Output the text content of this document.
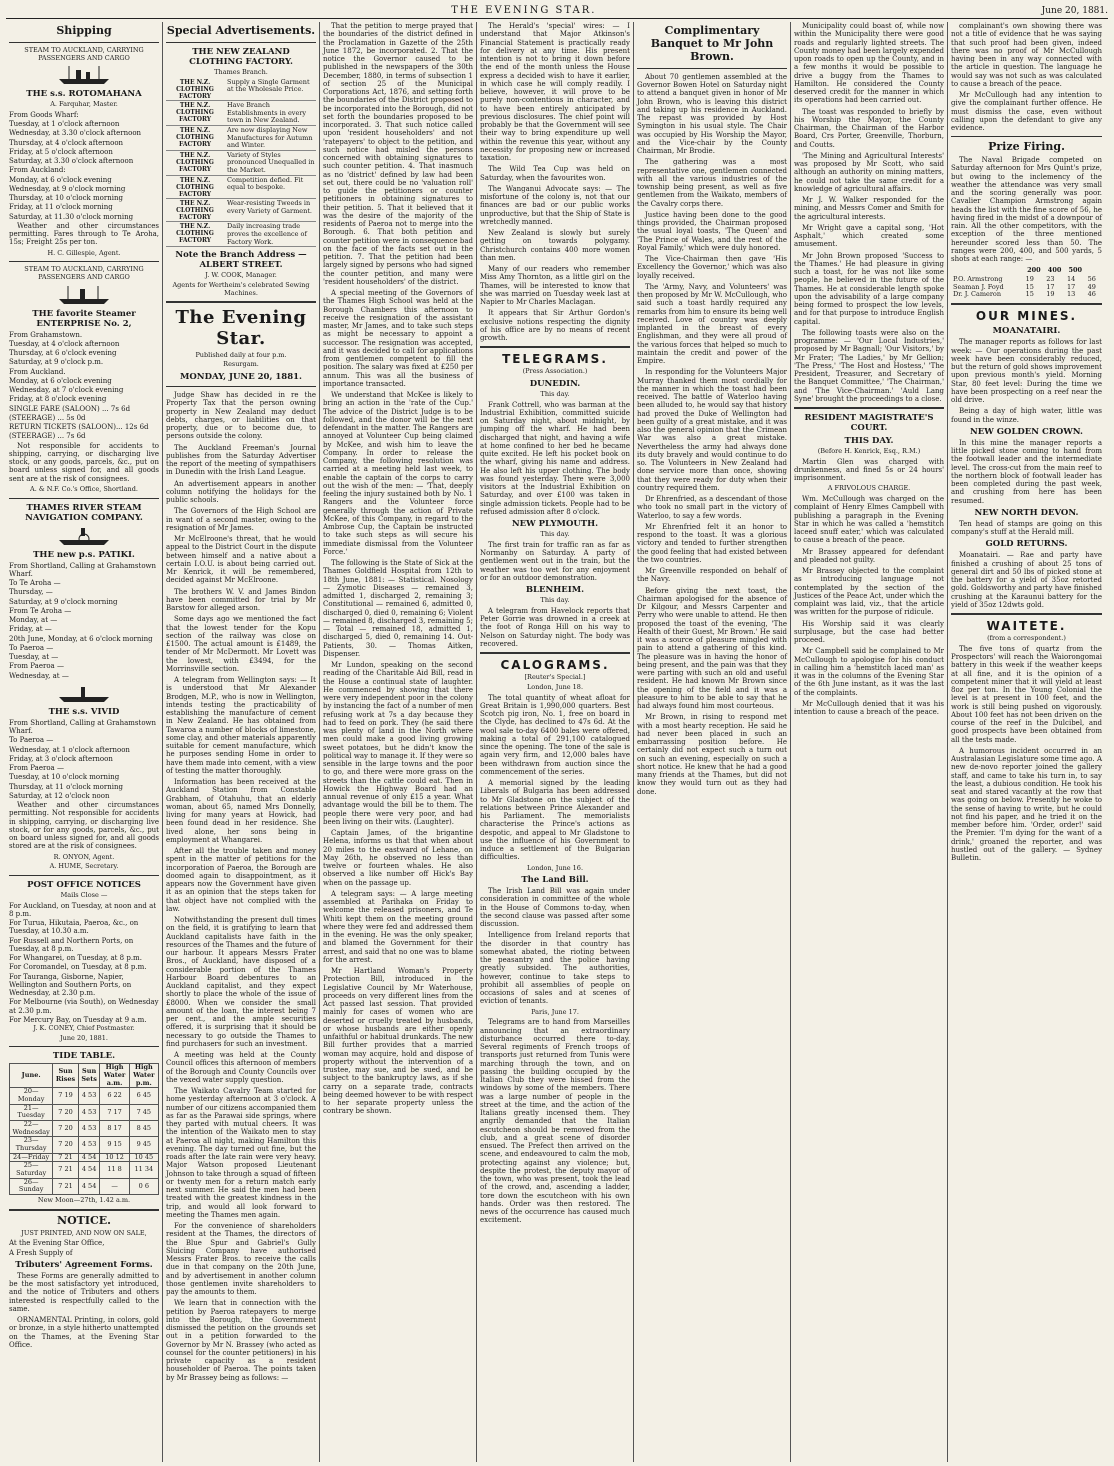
THE EVENING STAR.	June 20, 1881.
Shipping
STEAM TO AUCKLAND, CARRYING PASSENGERS AND CARGO
THE s.s. ROTOMAHANA
A. Farquhar, Master.
From Goods Wharf:
Tuesday, at 1 o'clock afternoon
Wednesday, at 3.30 o'clock afternoon
Thursday, at 4 o'clock afternoon
Friday, at 5 o'clock afternoon
Saturday, at 3.30 o'clock afternoon
From Auckland:
Monday, at 6 o'clock evening
Wednesday, at 9 o'clock morning
Thursday, at 10 o'clock morning
Friday, at 11 o'clock morning
Saturday, at 11.30 o'clock morning

Weather and other circumstances permitting. Fares through to Te Aroha, 15s; Freight 25s per ton.

H. C. Gillespie, Agent.
STEAM TO AUCKLAND, CARRYING PASSENGERS AND CARGO
THE favorite Steamer ENTERPRISE No. 2,
From Grahamstown.
Tuesday, at 4 o'clock afternoon
Thursday, at 6 o'clock evening
Saturday, at 9 o'clock p.m.
From Auckland.
Monday, at 6 o'clock evening
Wednesday, at 7 o'clock evening
Friday, at 8 o'clock evening
SINGLE FARE (SALOON) ... 7s 6d
(STEERAGE) ... 5s 0d
RETURN TICKETS (SALOON)... 12s 6d
(STEERAGE) ... 7s 6d

Not responsible for accidents to shipping, carrying, or discharging live stock, or any goods, parcels, &c., put on board unless signed for, and all goods sent are at the risk of consignees.

A. & N.F. Co.'s Office, Shortland.
THAMES RIVER STEAM NAVIGATION COMPANY.
THE new p.s. PATIKI.
From Shortland, Calling at Grahamstown Wharf.
To Te Aroha —
Thursday, —
Saturday, at 9 o'clock morning
From Te Aroha —
Monday, at —
Friday, at —
20th June, Monday, at 6 o'clock morning
To Paeroa —
Tuesday, at —
From Paeroa —
Wednesday, at —
THE s.s. VIVID
From Shortland, Calling at Grahamstown Wharf.
To Paeroa —
Wednesday, at 1 o'clock afternoon
Friday, at 3 o'clock afternoon
From Paeroa —
Tuesday, at 10 o'clock morning
Thursday, at 11 o'clock morning
Saturday, at 12 o'clock noon

Weather and other circumstances permitting. Not responsible for accidents in shipping, carrying, or discharging live stock, or for any goods, parcels, &c., put on board unless signed for, and all goods stored are at the risk of consignees.

R. ONYON, Agent.
A. HUME, Secretary.
POST OFFICE NOTICES
Mails Close —
For Auckland, on Tuesday, at noon and at 8 p.m.
For Turua, Hikutaia, Paeroa, &c., on Tuesday, at 10.30 a.m.
For Russell and Northern Ports, on Tuesday, at 8 p.m.
For Whangarei, on Tuesday, at 8 p.m.
For Coromandel, on Tuesday, at 8 p.m.
For Tauranga, Gisborne, Napier, Wellington and Southern Ports, on Wednesday, at 2.30 p.m.
For Melbourne (via South), on Wednesday at 2.30 p.m.
For Mercury Bay, on Tuesday at 9 a.m.
J. K. CONEY, Chief Postmaster.
June 20, 1881.
TIDE TABLE.
June.	Sun Rises	Sun Sets	High Water a.m.	High Water p.m.
20—Monday	7 19	4 53	6 22	6 45
21—Tuesday	7 20	4 53	7 17	7 45
22—Wednesday	7 20	4 53	8 17	8 45
23—Thursday	7 20	4 53	9 15	9 45
24—Friday	7 21	4 54	10 12	10 45
25—Saturday	7 21	4 54	11 8	11 34
26—Sunday	7 21	4 54	—	0 6
New Moon—27th, 1.42 a.m.
NOTICE.
JUST PRINTED, AND NOW ON SALE,
At the Evening Star Office,
A Fresh Supply of
Tributers' Agreement Forms.

These Forms are generally admitted to be the most satisfactory yet introduced, and the notice of Tributers and others interested is respectfully called to the same.

ORNAMENTAL Printing, in colors, gold or bronze, in a style hitherto unattempted on the Thames, at the Evening Star Office.

Special Advertisements.
THE NEW ZEALAND CLOTHING FACTORY.
Thames Branch.
THE N.Z. CLOTHING FACTORY
Supply a Single Garment at the Wholesale Price.
THE N.Z. CLOTHING FACTORY
Have Branch Establishments in every town in New Zealand.
THE N.Z. CLOTHING FACTORY
Are now displaying New Manufactures for Autumn and Winter.
THE N.Z. CLOTHING FACTORY
Variety of Styles pronounced Unequalled in the Market.
THE N.Z. CLOTHING FACTORY
Competition defied. Fit equal to bespoke.
THE N.Z. CLOTHING FACTORY
Wear-resisting Tweeds in every Variety of Garment.
THE N.Z. CLOTHING FACTORY
Daily increasing trade proves the excellence of Factory Work.
Note the Branch Address — ALBERT STREET.
J. W. COOK, Manager.
Agents for Wertheim's celebrated Sewing Machines.
The Evening Star.
Published daily at four p.m.
Resurgam.
MONDAY, JUNE 20, 1881.

Judge Shaw has decided in re the Property Tax that the person owning property in New Zealand may deduct debts, charges, or liabilities on that property, due or to become due, to persons outside the colony.

The Auckland Freeman's Journal publishes from the Saturday Advertiser the report of the meeting of sympathisers in Dunedin with the Irish Land League.

An advertisement appears in another column notifying the holidays for the public schools.

The Governors of the High School are in want of a second master, owing to the resignation of Mr James.

Mr McElroone's threat, that he would appeal to the District Court in the dispute between himself and a native about a certain I.O.U. is about being carried out. Mr Kenrick, it will be remembered, decided against Mr McElroone.

The brothers W. V. and James Bindon have been committed for trial by Mr Barstow for alleged arson.

Some days ago we mentioned the fact that the lowest tender for the Kopu section of the railway was close on £1500. The actual amount is £1489, the tender of Mr McDermott. Mr Lovett was the lowest, with £3494, for the Morrinsville section.

A telegram from Wellington says: — It is understood that Mr Alexander Brodgen, M.P., who is now in Wellington, intends testing the practicability of establishing the manufacture of cement in New Zealand. He has obtained from Tawaroa a number of blocks of limestone, some clay, and other materials apparently suitable for cement manufacture, which he purposes sending Home in order to have them made into cement, with a view of testing the matter thoroughly.

Information has been received at the Auckland Station from Constable Grabham, of Otahuhu, that an elderly woman, about 65, named Mrs Donnelly, living for many years at Howick, had been found dead in her residence. She lived alone, her sons being in employment at Whangarei.

After all the trouble taken and money spent in the matter of petitions for the incorporation of Paeroa, the Borough are doomed again to disappointment, as it appears now the Government have given it as an opinion that the steps taken for that object have not complied with the law.

Notwithstanding the present dull times on the field, it is gratifying to learn that Auckland capitalists have faith in the resources of the Thames and the future of our harbour. It appears Messrs Frater Bros., of Auckland, have disposed of a considerable portion of the Thames Harbour Board debentures to an Auckland capitalist, and they expect shortly to place the whole of the issue of £8000. When we consider the small amount of the loan, the interest being 7 per cent., and the ample securities offered, it is surprising that it should be necessary to go outside the Thames to find purchasers for such an investment.

A meeting was held at the County Council offices this afternoon of members of the Borough and County Councils over the vexed water supply question.

The Waikato Cavalry Team started for home yesterday afternoon at 3 o'clock. A number of our citizens accompanied them as far as the Parawai side springs, where they parted with mutual cheers. It was the intention of the Waikato men to stay at Paeroa all night, making Hamilton this evening. The day turned out fine, but the roads after the late rain were very heavy. Major Watson proposed Lieutenant Johnson to take through a squad of fifteen or twenty men for a return match early next summer. He said the men had been treated with the greatest kindness in the trip, and would all look forward to meeting the Thames men again.

For the convenience of shareholders resident at the Thames, the directors of the Blue Spur and Gabriel's Gully Sluicing Company have authorised Messrs Frater Bros. to receive the calls due in that company on the 20th June, and by advertisement in another column those gentlemen invite shareholders to pay the amounts to them.

We learn that in connection with the petition by Paeroa ratepayers to merge into the Borough, the Government dismissed the petition on the grounds set out in a petition forwarded to the Governor by Mr N. Brassey (who acted as counsel for the counter petitioners) in his private capacity as a resident householder of Paeroa. The points taken by Mr Brassey being as follows: —

That the petition to merge prayed that the boundaries of the district defined in the Proclamation in Gazette of the 25th June 1872, be incorporated. 2. That the notice the Governor caused to be published in the newspapers of the 30th December, 1880, in terms of subsection 1 of section 25 of the Municipal Corporations Act, 1876, and setting forth the boundaries of the District proposed to be incorporated into the Borough, did not set forth the boundaries proposed to be incorporated. 3. That such notice called upon 'resident householders' and not 'ratepayers' to object to the petition, and such notice had misled the persons concerned with obtaining signatures to such counter petition. 4. That inasmuch as no 'district' defined by law had been set out, there could be no 'valuation roll' to guide the petitioners or counter petitioners in obtaining signatures to their petition. 5. That it believed that it was the desire of the majority of the residents of Paeroa not to merge into the Borough. 6. That both petition and counter petition were in consequence bad on the face of the facts set out in the petition. 7. That the petition had been largely signed by persons who had signed the counter petition, and many were 'resident householders' of the district.

A special meeting of the Governors of the Thames High School was held at the Borough Chambers this afternoon to receive the resignation of the assistant master, Mr James, and to take such steps as might be necessary to appoint a successor. The resignation was accepted, and it was decided to call for applications from gentlemen competent to fill the position. The salary was fixed at £250 per annum. This was all the business of importance transacted.

We understand that McKee is likely to bring an action in the 'rate of the Cup.' The advice of the District Judge is to be followed, and the donor will be the next defendant in the matter. The Rangers are annoyed at Volunteer Cup being claimed by McKee, and wish him to leave the Company. In order to release the Company, the following resolution was carried at a meeting held last week, to enable the captain of the corps to carry out the wish of the men: — 'That, deeply feeling the injury sustained both by No. 1 Rangers and the Volunteer force generally through the action of Private McKee, of this Company, in regard to the Ambrose Cup, the Captain be instructed to take such steps as will secure his immediate dismissal from the Volunteer Force.'

The following is the State of Sick at the Thames Goldfield Hospital from 12th to 18th June, 1881: — Statistical. Nosology — Zymotic Diseases — remained 3, admitted 1, discharged 2, remaining 3; Constitutional — remained 6, admitted 0, discharged 0, died 0, remaining 6; Violent — remained 8, discharged 3, remaining 5; — Total — remained 18, admitted 1, discharged 5, died 0, remaining 14. Out-Patients, 30. — Thomas Aitken, Dispenser.

Mr Lundon, speaking on the second reading of the Charitable Aid Bill, read in the House a continual state of laughter. He commenced by showing that there were very independent poor in the colony by instancing the fact of a number of men refusing work at 7s a day because they had to feed on pork. They (he said there was plenty of land in the North where men could make a good living growing sweet potatoes, but he didn't know the political way to manage it. If they were so sensible in the large towns and the poor to go, and there were more grass on the streets than the cattle could eat. Then in Howick the Highway Board had an annual revenue of only £15 a year. What advantage would the bill be to them. The people there were very poor, and had been living on their wits. (Laughter).

Captain James, of the brigantine Helena, informs us that that when about 20 miles to the eastward of Lehane, on May 26th, he observed no less than twelve or fourteen whales. He also observed a like number off Hick's Bay when on the passage up.

A telegram says: — A large meeting assembled at Parihaka on Friday to welcome the released prisoners, and Te Whiti kept them on the meeting ground where they were fed and addressed them in the evening. He was the only speaker, and blamed the Government for their arrest, and said that no one was to blame for the arrest.

Mr Hartland Woman's Property Protection Bill, introduced in the Legislative Council by Mr Waterhouse, proceeds on very different lines from the Act passed last session. That provided mainly for cases of women who are deserted or cruelly treated by husbands, or whose husbands are either openly unfaithful or habitual drunkards. The new Bill further provides that a married woman may acquire, hold and dispose of property without the intervention of a trustee, may sue, and be sued, and be subject to the bankruptcy laws, as if she carry on a separate trade, contracts being deemed however to be with respect to her separate property unless the contrary be shown.

The Herald's 'special' wires: — I understand that Major Atkinson's Financial Statement is practically ready for delivery at any time. His present intention is not to bring it down before the end of the month unless the House express a decided wish to have it earlier, in which case he will comply readily. I believe, however, it will prove to be purely non-contentious in character, and to have been entirely anticipated by previous disclosures. The chief point will probably be that the Government will see their way to bring expenditure up well within the revenue this year, without any necessity for proposing new or increased taxation.

The Wild Tea Cup was held on Saturday, when the favourites won.

The Wanganui Advocate says: — The misfortune of the colony is, not that our finances are bad or our public works unproductive, but that the Ship of State is wretchedly manned.

New Zealand is slowly but surely getting on towards polygamy. Christchurch contains 400 more women than men.

Many of our readers who remember Miss Amy Thornton, as a little girl on the Thames, will be interested to know that she was married on Tuesday week last at Napier to Mr Charles Maclagan.

It appears that Sir Arthur Gordon's exclusive notions respecting the dignity of his office are by no means of recent growth.

TELEGRAMS.
(Press Association.)
DUNEDIN.
This day.

Frank Cottrell, who was barman at the Industrial Exhibition, committed suicide on Saturday night, about midnight, by jumping off the wharf. He had been discharged that night, and having a wife at home confined to her bed he became quite excited. He left his pocket book on the wharf, giving his name and address. He also left his upper clothing. The body was found yesterday. There were 3,000 visitors at the Industrial Exhibition on Saturday, and over £100 was taken in single admission tickets. People had to be refused admission after 8 o'clock.

NEW PLYMOUTH.
This day.

The first train for traffic ran as far as Normanby on Saturday. A party of gentlemen went out in the train, but the weather was too wet for any enjoyment or for an outdoor demonstration.

BLENHEIM.
This day.

A telegram from Havelock reports that Peter Gorrie was drowned in a creek at the foot of Ronga Hill on his way to Nelson on Saturday night. The body was recovered.

CALOGRAMS.
[Reuter's Special.]
London, June 18.

The total quantity of wheat afloat for Great Britain is 1,990,000 quarters. Best Scotch pig iron, No. 1, free on board in the Clyde, has declined to 47s 6d. At the wool sale to-day 6400 bales were offered, making a total of 291,100 catalogued since the opening. The tone of the sale is again very firm, and 12,000 bales have been withdrawn from auction since the commencement of the series.

A memorial signed by the leading Liberals of Bulgaria has been addressed to Mr Gladstone on the subject of the relations between Prince Alexander and his Parliament. The memorialists characterise the Prince's actions as despotic, and appeal to Mr Gladstone to use the influence of his Government to induce a settlement of the Bulgarian difficulties.

London, June 16.
The Land Bill.

The Irish Land Bill was again under consideration in committee of the whole in the House of Commons to-day, when the second clause was passed after some discussion.

Intelligence from Ireland reports that the disorder in that country has somewhat abated, the rioting between the peasantry and the police having greatly subsided. The authorities, however, continue to take steps to prohibit all assemblies of people on occasions of sales and at scenes of eviction of tenants.

Paris, June 17.

Telegrams are to hand from Marseilles announcing that an extraordinary disturbance occurred there to-day. Several regiments of French troops of transports just returned from Tunis were marching through the town, and on passing the building occupied by the Italian Club they were hissed from the windows by some of the members. There was a large number of people in the street at the time, and the action of the Italians greatly incensed them. They angrily demanded that the Italian escutcheon should be removed from the club, and a great scene of disorder ensued. The Prefect then arrived on the scene, and endeavoured to calm the mob, protecting against any violence; but, despite the protest, the deputy mayor of the town, who was present, took the lead of the crowd, and, ascending a ladder, tore down the escutcheon with his own hands. Order was then restored. The news of the occurrence has caused much excitement.

Complimentary Banquet to Mr John Brown.

About 70 gentlemen assembled at the Governor Bowen Hotel on Saturday night to attend a banquet given in honor of Mr John Brown, who is leaving this district and taking up his residence in Auckland. The repast was provided by Host Symington in his usual style. The Chair was occupied by His Worship the Mayor, and the Vice-chair by the County Chairman, Mr Brodie.

The gathering was a most representative one, gentlemen connected with all the various industries of the township being present, as well as five gentlemen from the Waikato, members of the Cavalry corps there.

Justice having been done to the good things provided, the Chairman proposed the usual loyal toasts, 'The Queen' and 'The Prince of Wales, and the rest of the Royal Family,' which were duly honored.

The Vice-Chairman then gave 'His Excellency the Governor,' which was also loyally received.

The 'Army, Navy, and Volunteers' was then proposed by Mr W. McCullough, who said such a toast hardly required any remarks from him to ensure its being well received. Love of country was deeply implanted in the breast of every Englishman, and they were all proud of the various forces that helped so much to maintain the credit and power of the Empire.

In responding for the Volunteers Major Murray thanked them most cordially for the manner in which the toast had been received. The battle of Waterloo having been alluded to, he would say that history had proved the Duke of Wellington had been guilty of a great mistake, and it was also the general opinion that the Crimean War was also a great mistake. Nevertheless the army had always done its duty bravely and would continue to do so. The Volunteers in New Zealand had done service more than once, showing that they were ready for duty when their country required them.

Dr Ehrenfried, as a descendant of those who took no small part in the victory of Waterloo, to say a few words.

Mr Ehrenfried felt it an honor to respond to the toast. It was a glorious victory and tended to further strengthen the good feeling that had existed between the two countries.

Mr Greenville responded on behalf of the Navy.

Before giving the next toast, the Chairman apologised for the absence of Dr Kilgour, and Messrs Carpenter and Perry who were unable to attend. He then proposed the toast of the evening, 'The Health of their Guest, Mr Brown.' He said it was a source of pleasure mingled with pain to attend a gathering of this kind. The pleasure was in having the honor of being present, and the pain was that they were parting with such an old and useful resident. He had known Mr Brown since the opening of the field and it was a pleasure to him to be able to say that he had always found him most courteous.

Mr Brown, in rising to respond met with a most hearty reception. He said he had never been placed in such an embarrassing position before. He certainly did not expect such a turn out on such an evening, especially on such a short notice. He knew that he had a good many friends at the Thames, but did not know they would turn out as they had done.

Municipality could boast of, while now within the Municipality there were good roads and regularly lighted streets. The County money had been largely expended upon roads to open up the County, and in a few months it would be possible to drive a buggy from the Thames to Hamilton. He considered the County deserved credit for the manner in which its operations had been carried out.

The toast was responded to briefly by his Worship the Mayor, the County Chairman, the Chairman of the Harbor Board, Crs Porter, Greenville, Thorburn, and Coutts.

'The Mining and Agricultural Interests' was proposed by Mr Scott, who said although an authority on mining matters, he could not take the same credit for a knowledge of agricultural affairs.

Mr J. W. Walker responded for the mining, and Messrs Comer and Smith for the agricultural interests.

Mr Wright gave a capital song, 'Hot Asphalt,' which created some amusement.

Mr John Brown proposed 'Success to the Thames.' He had pleasure in giving such a toast, for he was not like some people, he believed in the future of the Thames. He at considerable length spoke upon the advisability of a large company being formed to prospect the low levels, and for that purpose to introduce English capital.

The following toasts were also on the programme: — 'Our Local Industries,' proposed by Mr Bagnall; 'Our Visitors,' by Mr Frater; 'The Ladies,' by Mr Gellion; 'The Press,' 'The Host and Hostess,' 'The President, Treasurer, and Secretary of the Banquet Committee,' 'The Chairman,' and 'The Vice-Chairman.' 'Auld Lang Syne' brought the proceedings to a close.

RESIDENT MAGISTRATE'S COURT.
THIS DAY.
(Before H. Kenrick, Esq., R.M.)

Martin Glen was charged with drunkenness, and fined 5s or 24 hours' imprisonment.

A FRIVOLOUS CHARGE.

Wm. McCullough was charged on the complaint of Henry Elmes Campbell with publishing a paragraph in the Evening Star in which he was called a 'hemstitch laceed snuff eater,' which was calculated to cause a breach of the peace.

Mr Brassey appeared for defendant and pleaded not guilty.

Mr Brassey objected to the complaint as introducing language not contemplated by the section of the Justices of the Peace Act, under which the complaint was laid, viz., that the article was written for the purpose of ridicule.

His Worship said it was clearly surplusage, but the case had better proceed.

Mr Campbell said he complained to Mr McCullough to apologise for his conduct in calling him a 'hemstitch laced man' as it was in the columns of the Evening Star of the 6th June instant, as it was the last of the complaints.

Mr McCullough denied that it was his intention to cause a breach of the peace.

complainant's own showing there was not a title of evidence that he was saying that such proof had been given, indeed there was no proof of Mr McCullough having been in any way connected with the article in question. The language he would say was not such as was calculated to cause a breach of the peace.

Mr McCullough had any intention to give the complainant further offence. He must dismiss the case, even without calling upon the defendant to give any evidence.

Prize Firing.

The Naval Brigade competed on Saturday afternoon for Mrs Quint's prize, but owing to the inclemency of the weather the attendance was very small and the scoring generally was poor. Cavalier Champion Armstrong again heads the list with the fine score of 56, he having fired in the midst of a downpour of rain. All the other competitors, with the exception of the three mentioned hereunder scored less than 50. The ranges were 200, 400, and 500 yards, 5 shots at each range: —

	200	400	500	
P.O. Armstrong	19	23	14	56
Seaman J. Foyd	15	17	17	49
Dr. J. Cameron	15	19	13	46
OUR MINES.
MOANATAIRI.

The manager reports as follows for last week: — Our operations during the past week have been considerably reduced, but the return of gold shows improvement upon previous month's yield. Morning Star, 80 feet level: During the time we have been prospecting on a reef near the old drive.

Being a day of high water, little was found in the winze.

NEW GOLDEN CROWN.

In this mine the manager reports a little picked stone coming to hand from the footwall leader and the intermediate level. The cross-cut from the main reef to the northern block of footwall leader has been completed during the past week, and crushing from here has been resumed.

NEW NORTH DEVON.

Ten head of stamps are going on this company's stuff at the Herald mill.

GOLD RETURNS.

Moanatairi. — Rae and party have finished a crushing of about 25 tons of general dirt and 50 lbs of picked stone at the battery for a yield of 35oz retorted gold. Goldsworthy and party have finished crushing at the Karaunui battery for the yield of 35oz 12dwts gold.

WAITETE.
(from a correspondent.)

The five tons of quartz from the Prospectors' will reach the Waiorongomai battery in this week if the weather keeps at all fine, and it is the opinion of a competent miner that it will yield at least 8oz per ton. In the Young Colonial the level is at present in 100 feet, and the work is still being pushed on vigorously. About 100 feet has not been driven on the course of the reef in the Dulcibel, and good prospects have been obtained from all the tests made.

A humorous incident occurred in an Australasian Legislature some time ago. A new de-novo reporter joined the gallery staff, and came to take his turn in, to say the least, a dubious condition. He took his seat and stared vacantly at the row that was going on below. Presently he woke to the sense of having to write, but he could not find his paper, and he tried it on the member before him. 'Order, order!' said the Premier. 'I'm dying for the want of a drink,' groaned the reporter, and was hustled out of the gallery. — Sydney Bulletin.
